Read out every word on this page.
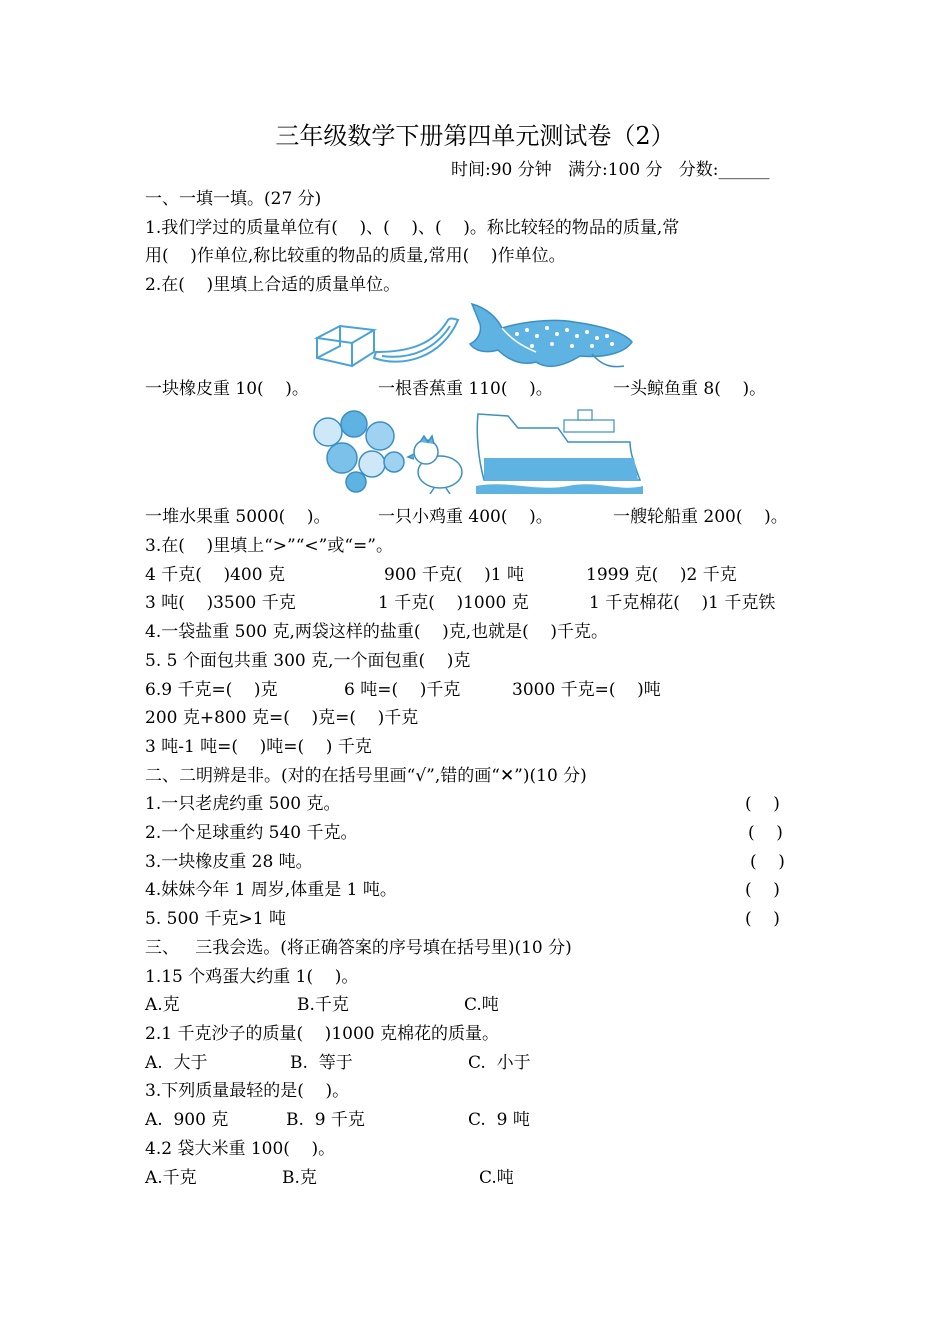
三年级数学下册第四单元测试卷（2）
时间:90 分钟   满分:100 分   分数:______
一、一填一填。(27 分)
1.我们学过的质量单位有(    )、(    )、(    )。称比较轻的物品的质量,常
用(    )作单位,称比较重的物品的质量,常用(    )作单位。
2.在(    )里填上合适的质量单位。
一块橡皮重 10(    )。	一根香蕉重 110(    )。	一头鲸鱼重 8(    )。
一堆水果重 5000(    )。	一只小鸡重 400(    )。	一艘轮船重 200(    )。
3.在(    )里填上“>”“<”或“=”。
4 千克(    )400 克	900 千克(    )1 吨	1999 克(    )2 千克
3 吨(    )3500 千克	1 千克(    )1000 克	1 千克棉花(    )1 千克铁
4.一袋盐重 500 克,两袋这样的盐重(    )克,也就是(    )千克。
5. 5 个面包共重 300 克,一个面包重(    )克
6.9 千克=(    )克	6 吨=(    )千克	3000 千克=(    )吨
200 克+800 克=(    )克=(    )千克
3 吨-1 吨=(    )吨=(    ) 千克
二、二明辨是非。(对的在括号里画“√”,错的画“✕”)(10 分)
1.一只老虎约重 500 克。	(    )
2.一个足球重约 540 千克。	(    )
3.一块橡皮重 28 吨。	(    )
4.妹妹今年 1 周岁,体重是 1 吨。	(    )
5. 500 千克>1 吨	(    )
三、   三我会选。(将正确答案的序号填在括号里)(10 分)
1.15 个鸡蛋大约重 1(    )。
A.克	B.千克	C.吨
2.1 千克沙子的质量(    )1000 克棉花的质量。
A.  大于	B.  等于	C.  小于
3.下列质量最轻的是(    )。
A.  900 克	B.  9 千克	C.  9 吨
4.2 袋大米重 100(    )。
A.千克	B.克	C.吨
